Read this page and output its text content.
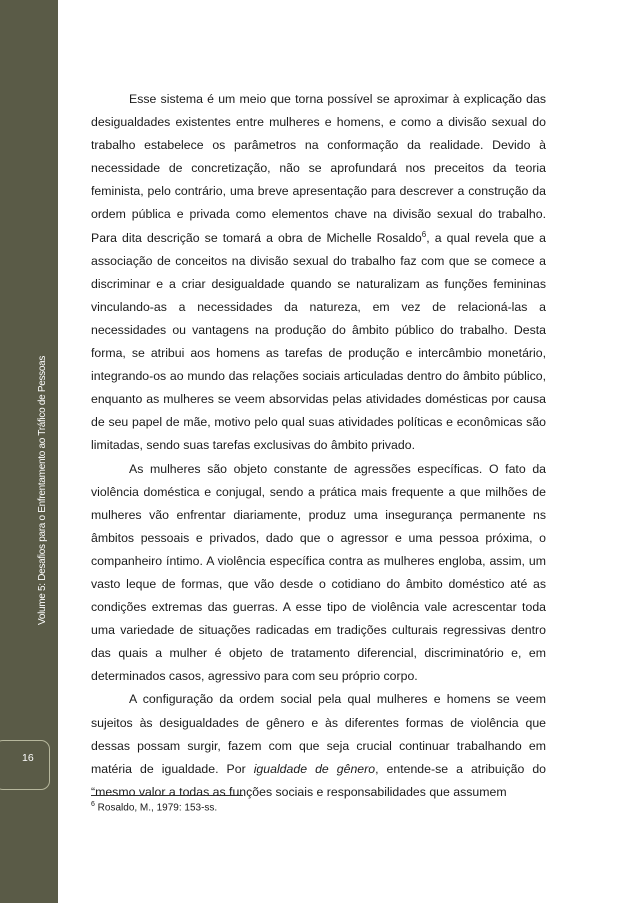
Volume 5: Desafios para o Enfrentamento ao Tráfico de Pessoas
16

Esse sistema é um meio que torna possível se aproximar à explicação das desigualdades existentes entre mulheres e homens, e como a divisão sexual do trabalho estabelece os parâmetros na conformação da realidade. Devido à necessidade de concretização, não se aprofundará nos preceitos da teoria feminista, pelo contrário, uma breve apresentação para descrever a construção da ordem pública e privada como elementos chave na divisão sexual do trabalho. Para dita descrição se tomará a obra de Michelle Rosaldo$^6$, a qual revela que a associação de conceitos na divisão sexual do trabalho faz com que se comece a discriminar e a criar desigualdade quando se naturalizam as funções femininas vinculando-as a necessidades da natureza, em vez de relacioná-las a necessidades ou vantagens na produção do âmbito público do trabalho. Desta forma, se atribui aos homens as tarefas de produção e intercâmbio monetário, integrando-os ao mundo das relações sociais articuladas dentro do âmbito público, enquanto as mulheres se veem absorvidas pelas atividades domésticas por causa de seu papel de mãe, motivo pelo qual suas atividades políticas e econômicas são limitadas, sendo suas tarefas exclusivas do âmbito privado.

As mulheres são objeto constante de agressões específicas. O fato da violência doméstica e conjugal, sendo a prática mais frequente a que milhões de mulheres vão enfrentar diariamente, produz uma insegurança permanente ns âmbitos pessoais e privados, dado que o agressor e uma pessoa próxima, o companheiro íntimo. A violência específica contra as mulheres engloba, assim, um vasto leque de formas, que vão desde o cotidiano do âmbito doméstico até as condições extremas das guerras. A esse tipo de violência vale acrescentar toda uma variedade de situações radicadas em tradições culturais regressivas dentro das quais a mulher é objeto de tratamento diferencial, discriminatório e, em determinados casos, agressivo para com seu próprio corpo.

A configuração da ordem social pela qual mulheres e homens se veem sujeitos às desigualdades de gênero e às diferentes formas de violência que dessas possam surgir, fazem com que seja crucial continuar trabalhando em matéria de igualdade. Por igualdade de gênero, entende-se a atribuição do “mesmo valor a todas as funções sociais e responsabilidades que assumem

$^6$ Rosaldo, M., 1979: 153-ss.
